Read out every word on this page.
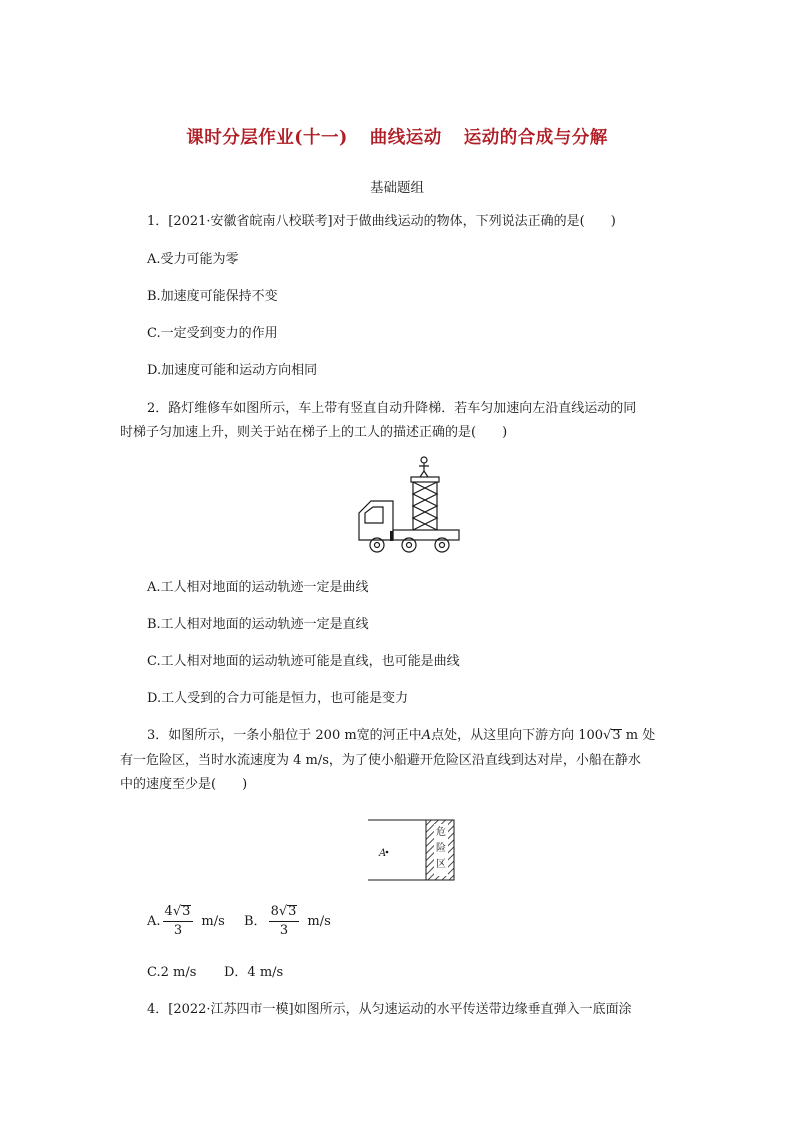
课时分层作业(十一) 曲线运动 运动的合成与分解
基础题组
1．[2021·安徽省皖南八校联考]对于做曲线运动的物体，下列说法正确的是(　　)
A.受力可能为零
B.加速度可能保持不变
C.一定受到变力的作用
D.加速度可能和运动方向相同
2．路灯维修车如图所示，车上带有竖直自动升降梯．若车匀加速向左沿直线运动的同
时梯子匀加速上升，则关于站在梯子上的工人的描述正确的是(　　)
A.工人相对地面的运动轨迹一定是曲线
B.工人相对地面的运动轨迹一定是直线
C.工人相对地面的运动轨迹可能是直线，也可能是曲线
D.工人受到的合力可能是恒力，也可能是变力
3．如图所示，一条小船位于 200 m宽的河正中A点处，从这里向下游方向 100√3 m 处
有一危险区，当时水流速度为 4 m/s，为了使小船避开危险区沿直线到达对岸，小船在静水
中的速度至少是(　　)
A
危
险
区
A. $\frac{4√3}{3} m/s$ B． $\frac{8√3}{3} m/s$
C.2 m/s D．4 m/s
4．[2022·江苏四市一模]如图所示，从匀速运动的水平传送带边缘垂直弹入一底面涂
